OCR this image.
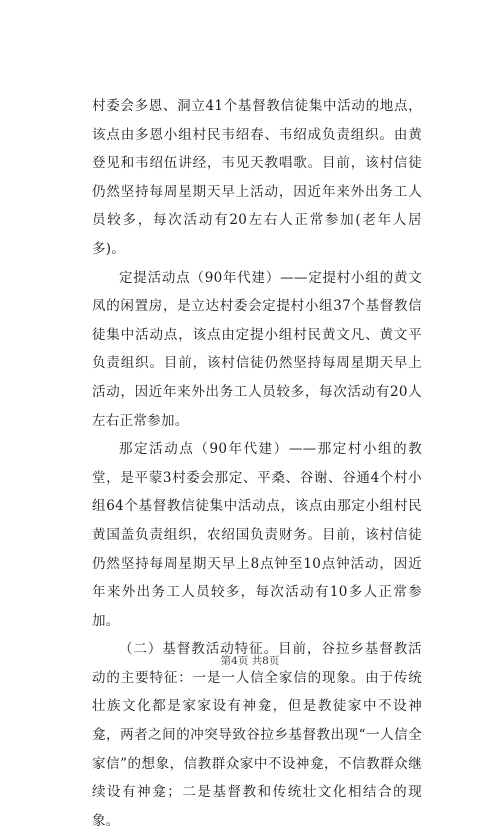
村委会多恩、洞立41个基督教信徒集中活动的地点，该点由多恩小组村民韦绍春、韦绍成负责组织。由黄登见和韦绍伍讲经，韦见天教唱歌。目前，该村信徒仍然坚持每周星期天早上活动，因近年来外出务工人员较多，每次活动有20左右人正常参加(老年人居多)。

定提活动点（90年代建）——定提村小组的黄文凤的闲置房，是立达村委会定提村小组37个基督教信徒集中活动点，该点由定提小组村民黄文凡、黄文平负责组织。目前，该村信徒仍然坚持每周星期天早上活动，因近年来外出务工人员较多，每次活动有20人左右正常参加。

那定活动点（90年代建）——那定村小组的教堂，是平蒙3村委会那定、平桑、谷谢、谷通4个村小组64个基督教信徒集中活动点，该点由那定小组村民黄国盖负责组织，农绍国负责财务。目前，该村信徒仍然坚持每周星期天早上8点钟至10点钟活动，因近年来外出务工人员较多，每次活动有10多人正常参加。

（二）基督教活动特征。目前，谷拉乡基督教活动的主要特征：一是一人信全家信的现象。由于传统壮族文化都是家家设有神龛，但是教徒家中不设神龛，两者之间的冲突导致谷拉乡基督教出现“一人信全家信”的想象，信教群众家中不设神龛，不信教群众继续设有神龛；二是基督教和传统壮文化相结合的现象。

第4页 共8页
